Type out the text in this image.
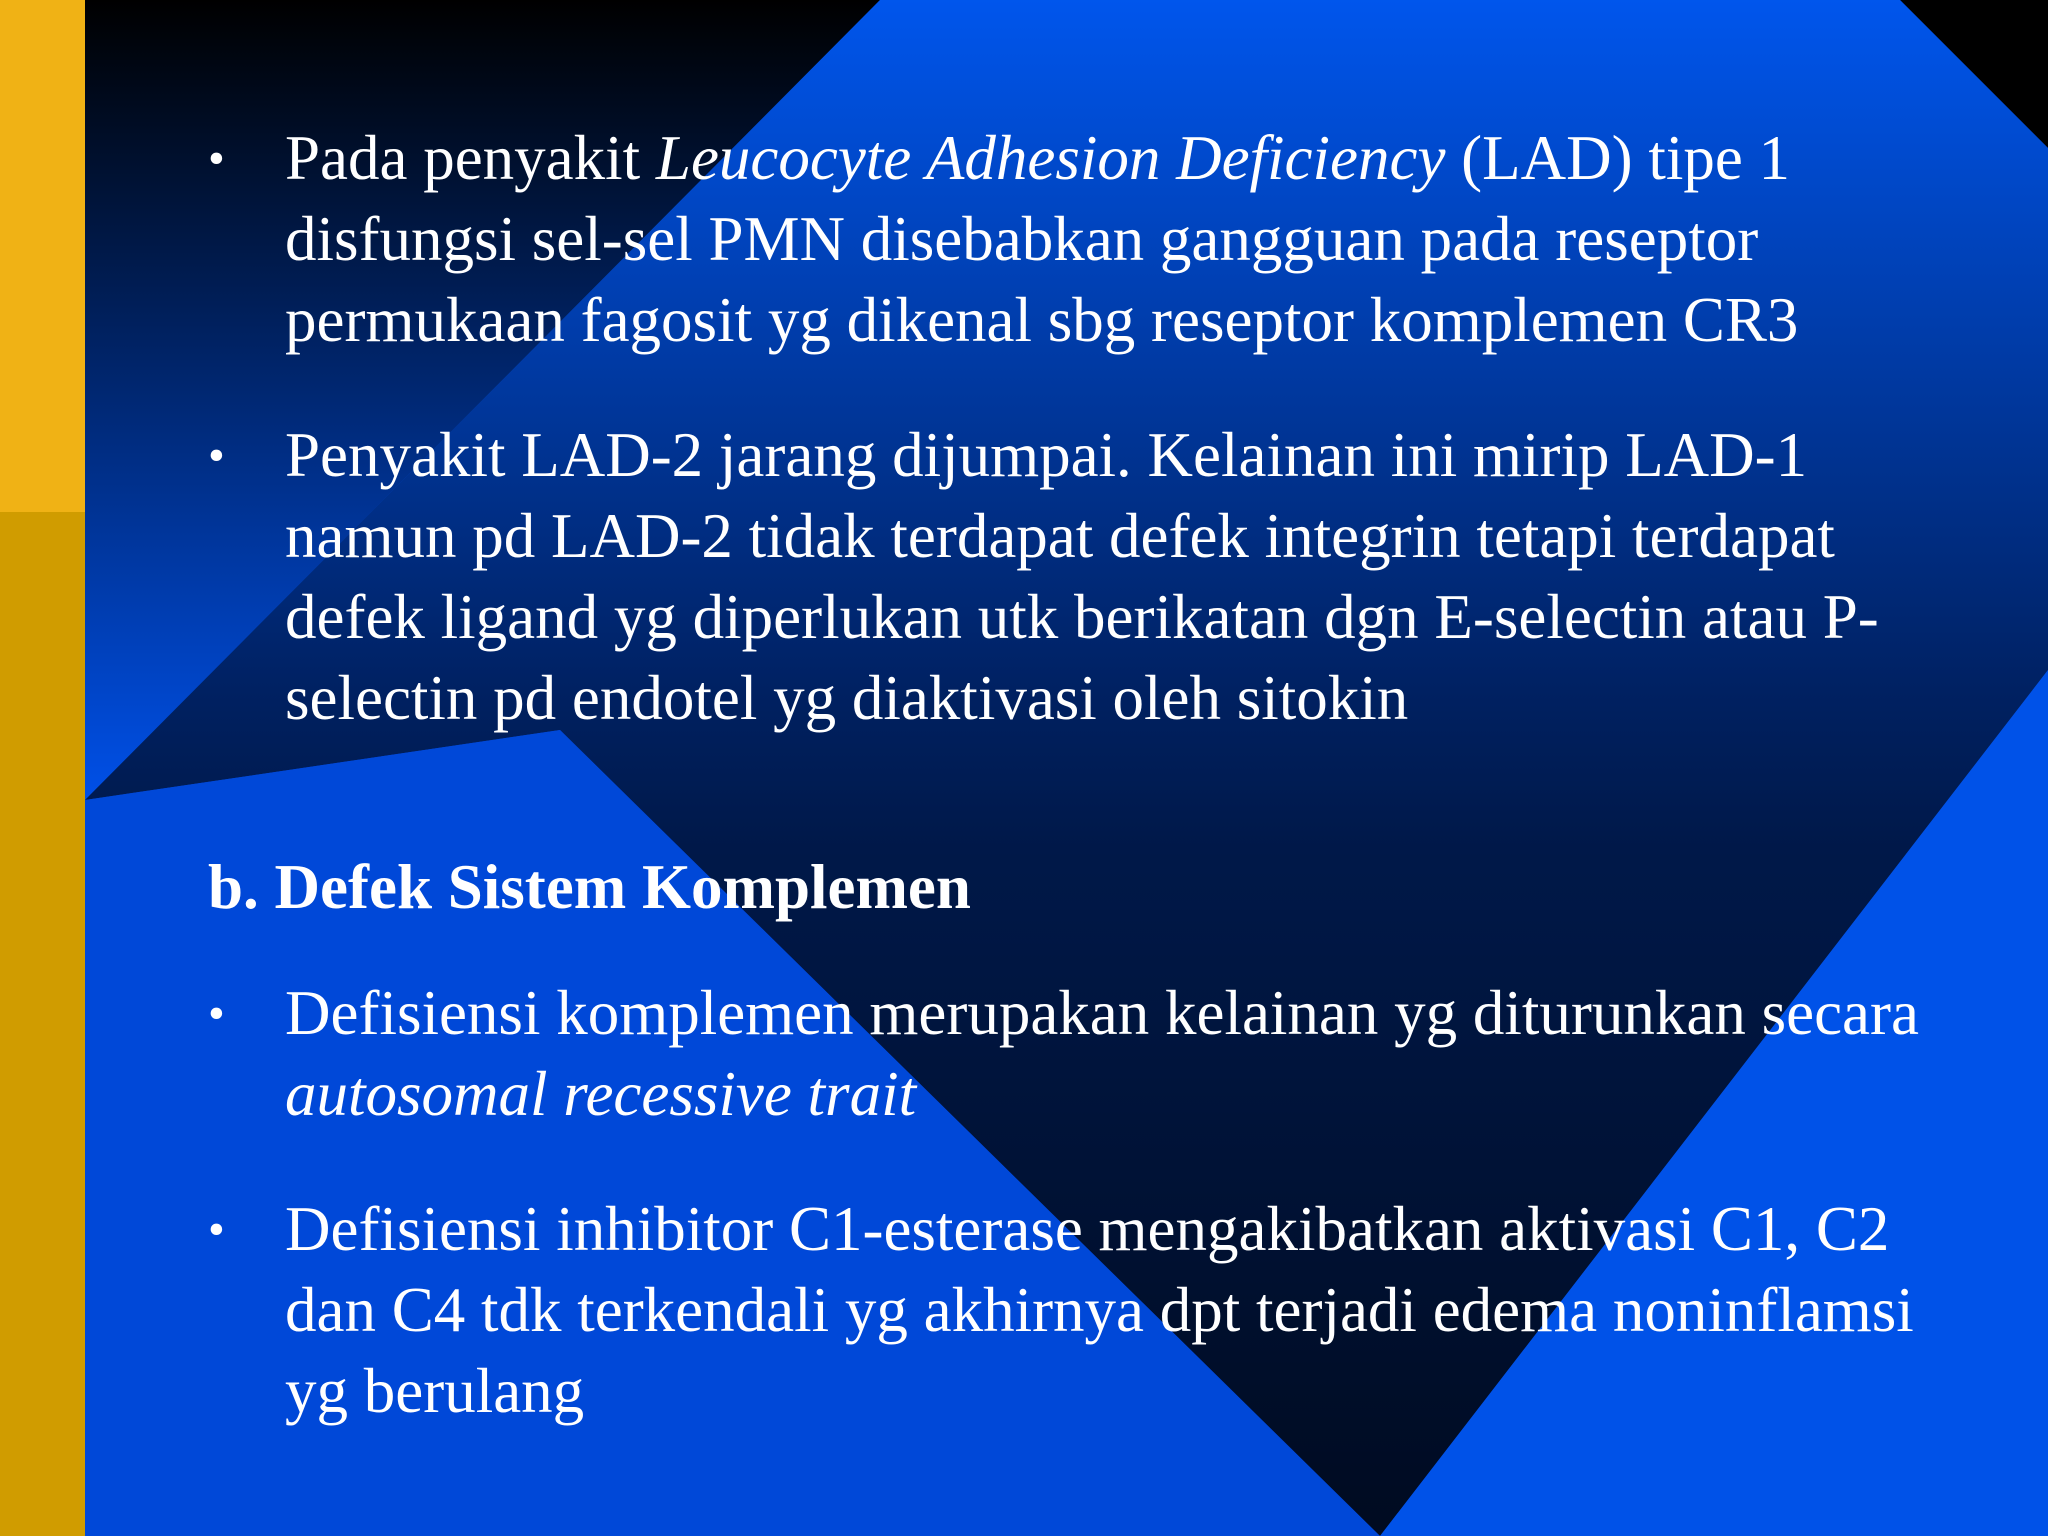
• Pada penyakit Leucocyte Adhesion Deficiency (LAD) tipe 1 disfungsi sel-sel PMN disebabkan gangguan pada reseptor permukaan fagosit yg dikenal sbg reseptor komplemen CR3

• Penyakit LAD-2 jarang dijumpai. Kelainan ini mirip LAD-1 namun pd LAD-2 tidak terdapat defek integrin tetapi terdapat defek ligand yg diperlukan utk berikatan dgn E-selectin atau P-selectin pd endotel yg diaktivasi oleh sitokin

b. Defek Sistem Komplemen

• Defisiensi komplemen merupakan kelainan yg diturunkan secara autosomal recessive trait

• Defisiensi inhibitor C1-esterase mengakibatkan aktivasi C1, C2 dan C4 tdk terkendali yg akhirnya dpt terjadi edema noninflamsi yg berulang
